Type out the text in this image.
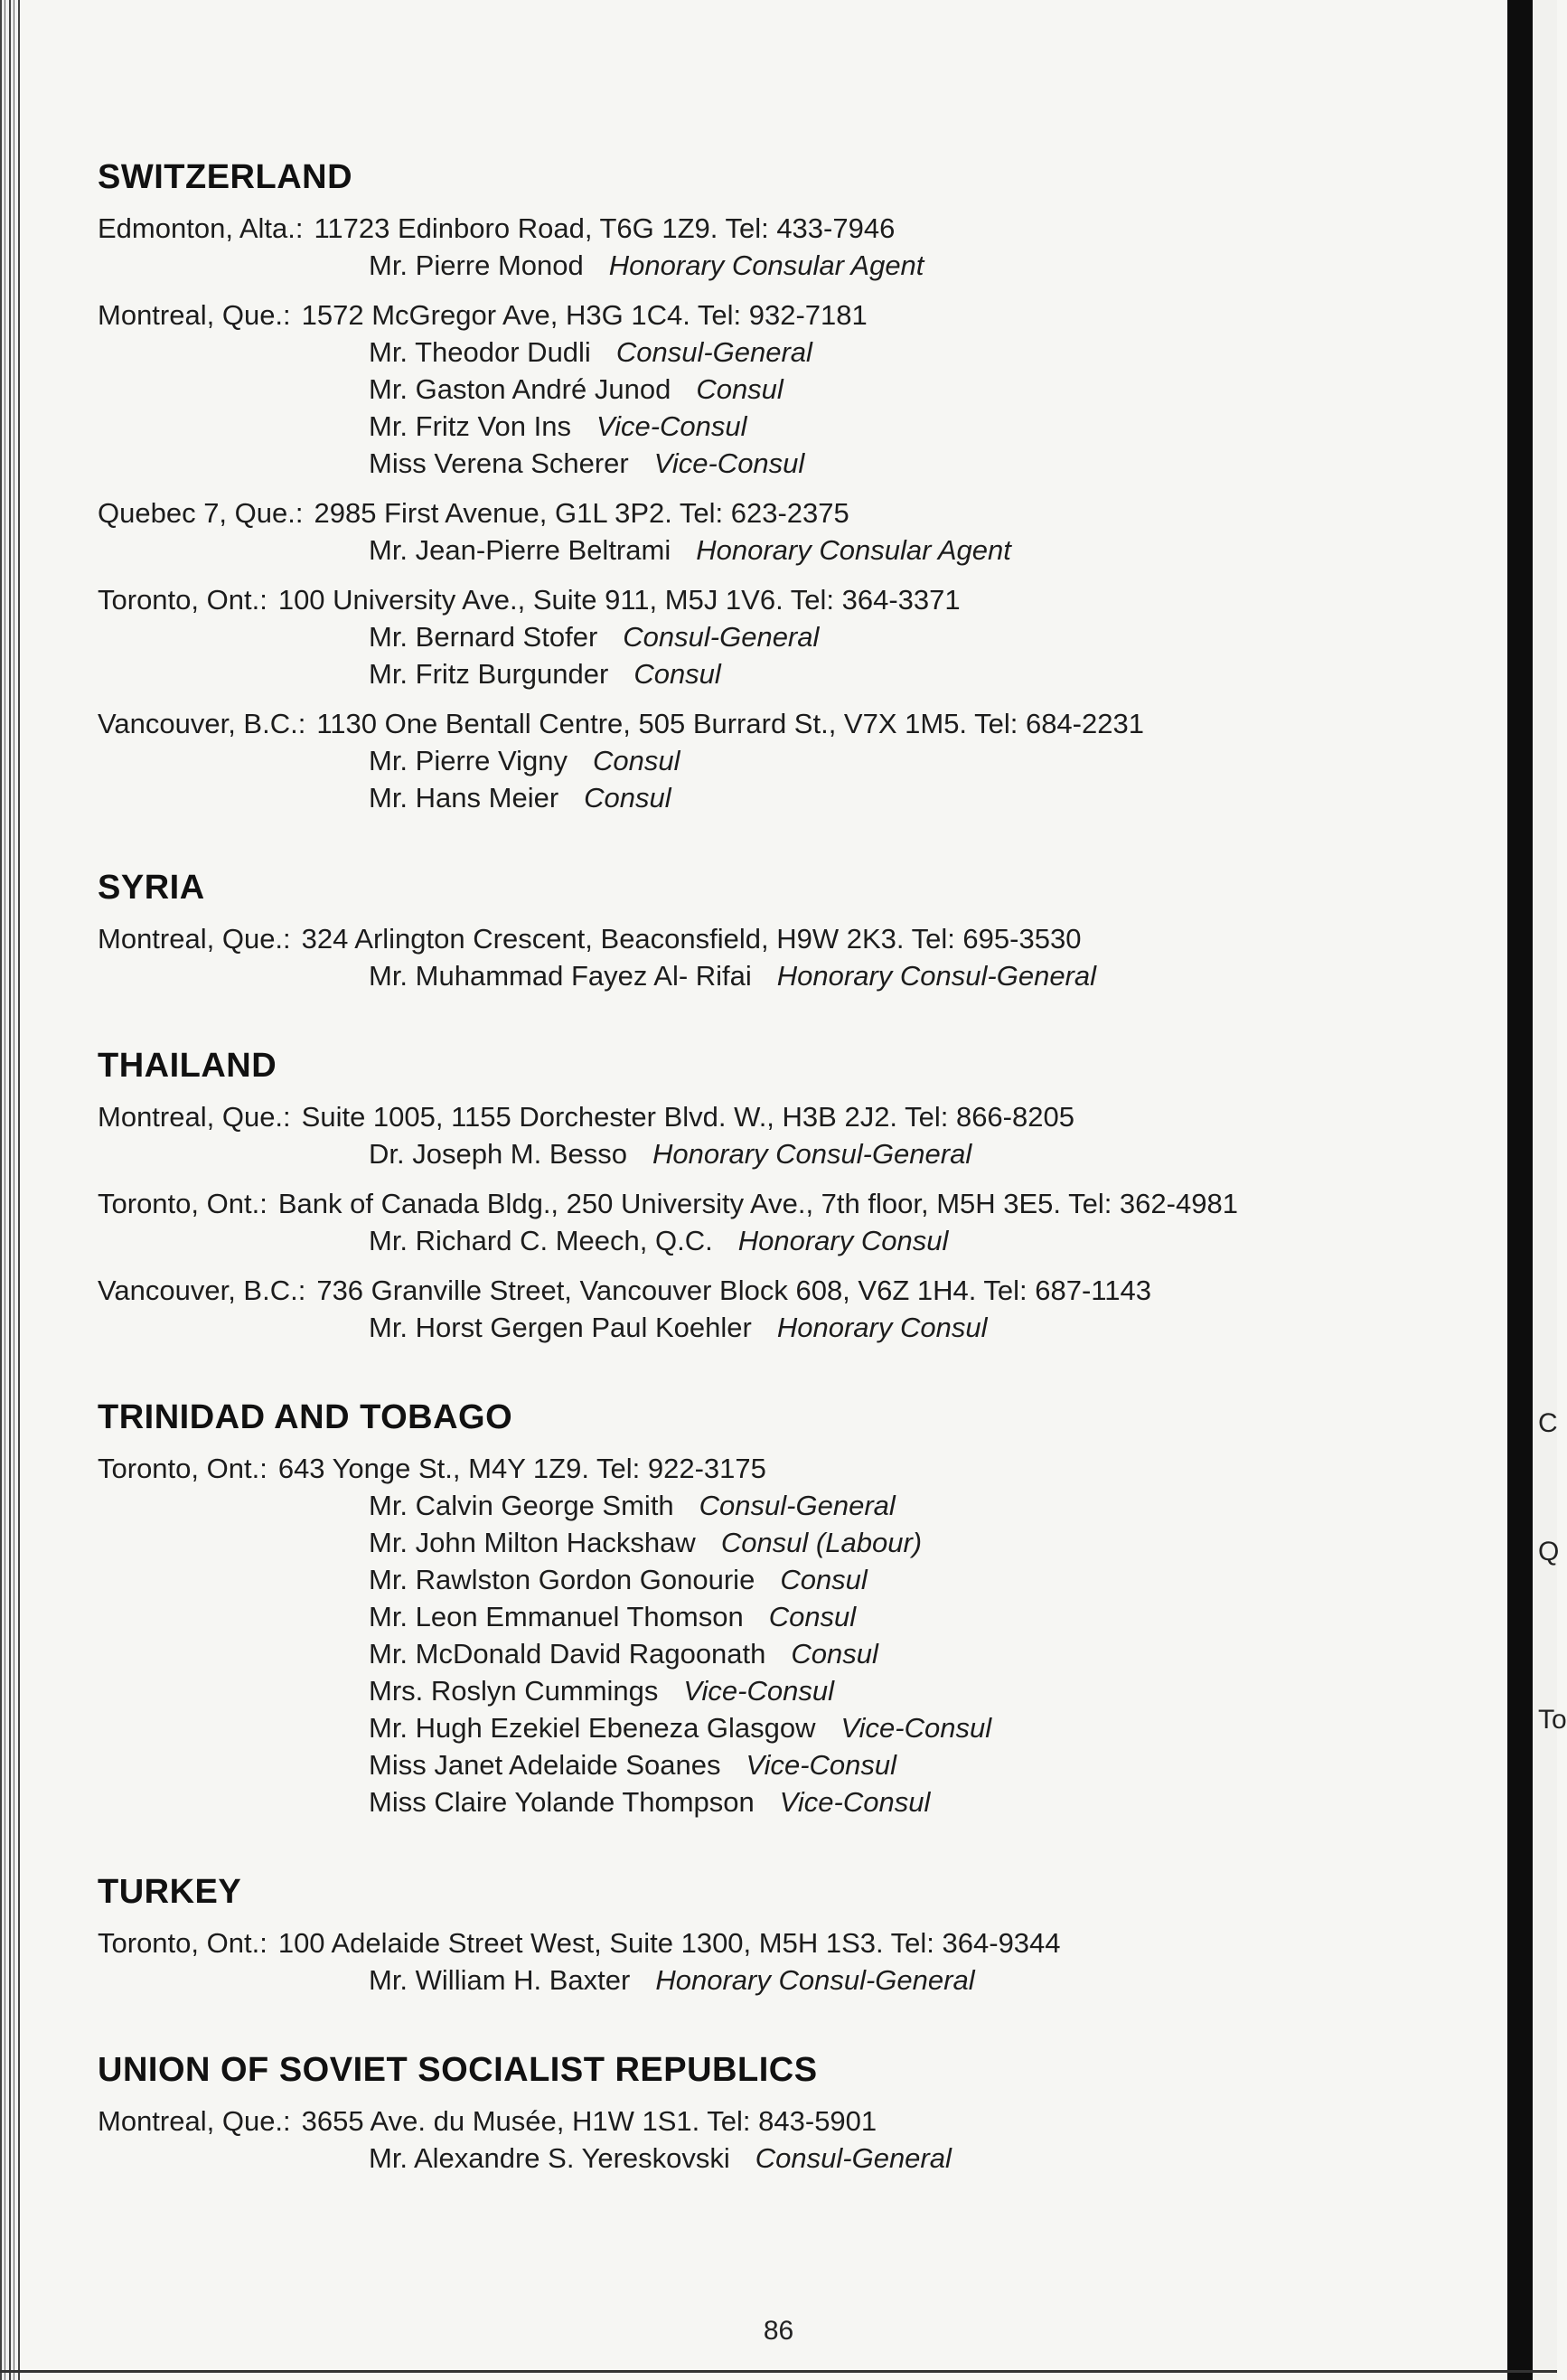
C
Q
To
SWITZERLAND
Edmonton, Alta.: 11723 Edinboro Road, T6G 1Z9. Tel: 433-7946
Mr. Pierre Monod Honorary Consular Agent
Montreal, Que.: 1572 McGregor Ave, H3G 1C4. Tel: 932-7181
Mr. Theodor Dudli Consul-General
Mr. Gaston André Junod Consul
Mr. Fritz Von Ins Vice-Consul
Miss Verena Scherer Vice-Consul
Quebec 7, Que.: 2985 First Avenue, G1L 3P2. Tel: 623-2375
Mr. Jean-Pierre Beltrami Honorary Consular Agent
Toronto, Ont.: 100 University Ave., Suite 911, M5J 1V6. Tel: 364-3371
Mr. Bernard Stofer Consul-General
Mr. Fritz Burgunder Consul
Vancouver, B.C.: 1130 One Bentall Centre, 505 Burrard St., V7X 1M5. Tel: 684-2231
Mr. Pierre Vigny Consul
Mr. Hans Meier Consul
SYRIA
Montreal, Que.: 324 Arlington Crescent, Beaconsfield, H9W 2K3. Tel: 695-3530
Mr. Muhammad Fayez Al- Rifai Honorary Consul-General
THAILAND
Montreal, Que.: Suite 1005, 1155 Dorchester Blvd. W., H3B 2J2. Tel: 866-8205
Dr. Joseph M. Besso Honorary Consul-General
Toronto, Ont.: Bank of Canada Bldg., 250 University Ave., 7th floor, M5H 3E5. Tel: 362-4981
Mr. Richard C. Meech, Q.C. Honorary Consul
Vancouver, B.C.: 736 Granville Street, Vancouver Block 608, V6Z 1H4. Tel: 687-1143
Mr. Horst Gergen Paul Koehler Honorary Consul
TRINIDAD AND TOBAGO
Toronto, Ont.: 643 Yonge St., M4Y 1Z9. Tel: 922-3175
Mr. Calvin George Smith Consul-General
Mr. John Milton Hackshaw Consul (Labour)
Mr. Rawlston Gordon Gonourie Consul
Mr. Leon Emmanuel Thomson Consul
Mr. McDonald David Ragoonath Consul
Mrs. Roslyn Cummings Vice-Consul
Mr. Hugh Ezekiel Ebeneza Glasgow Vice-Consul
Miss Janet Adelaide Soanes Vice-Consul
Miss Claire Yolande Thompson Vice-Consul
TURKEY
Toronto, Ont.: 100 Adelaide Street West, Suite 1300, M5H 1S3. Tel: 364-9344
Mr. William H. Baxter Honorary Consul-General
UNION OF SOVIET SOCIALIST REPUBLICS
Montreal, Que.: 3655 Ave. du Musée, H1W 1S1. Tel: 843-5901
Mr. Alexandre S. Yereskovski Consul-General
86
